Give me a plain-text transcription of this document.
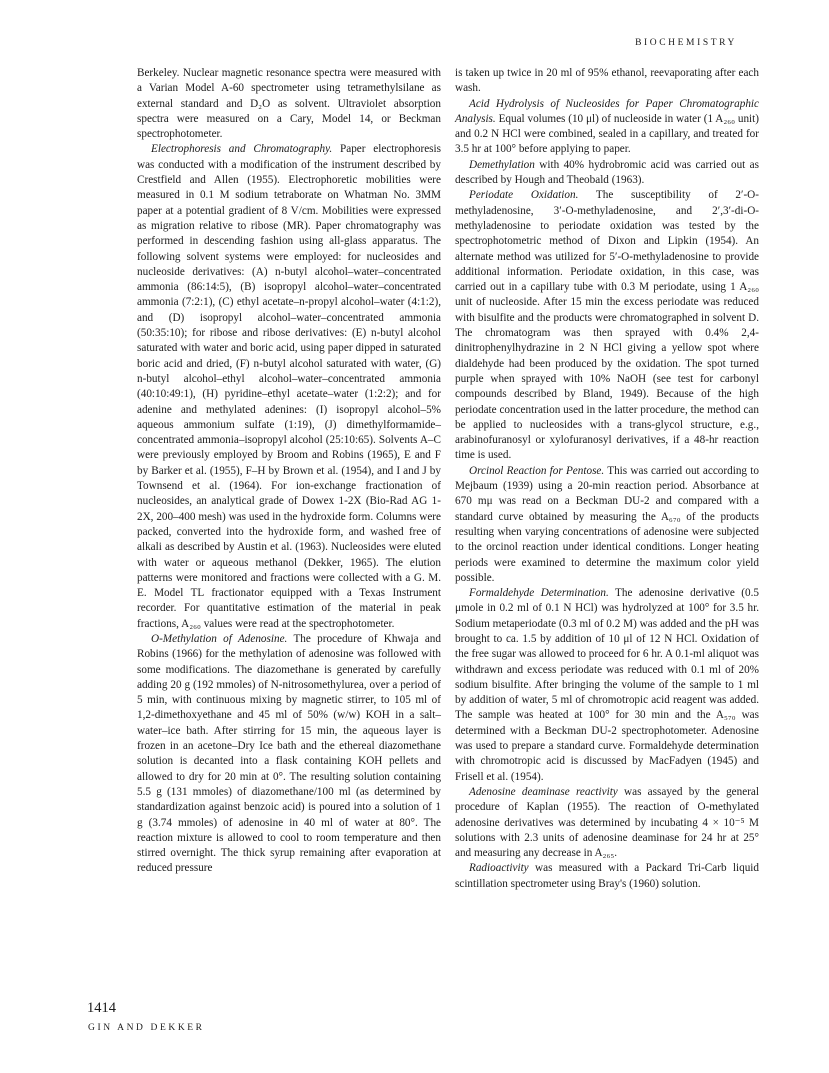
BIOCHEMISTRY

Berkeley. Nuclear magnetic resonance spectra were measured with a Varian Model A-60 spectrometer using tetramethylsilane as external standard and D₂O as solvent. Ultraviolet absorption spectra were measured on a Cary, Model 14, or Beckman spectrophotometer.

Electrophoresis and Chromatography. Paper electrophoresis was conducted with a modification of the instrument described by Crestfield and Allen (1955). Electrophoretic mobilities were measured in 0.1 M sodium tetraborate on Whatman No. 3MM paper at a potential gradient of 8 V/cm. Mobilities were expressed as migration relative to ribose (MR). Paper chromatography was performed in descending fashion using all-glass apparatus. The following solvent systems were employed: for nucleosides and nucleoside derivatives: (A) n-butyl alcohol–water–concentrated ammonia (86:14:5), (B) isopropyl alcohol–water–concentrated ammonia (7:2:1), (C) ethyl acetate–n-propyl alcohol–water (4:1:2), and (D) isopropyl alcohol–water–concentrated ammonia (50:35:10); for ribose and ribose derivatives: (E) n-butyl alcohol saturated with water and boric acid, using paper dipped in saturated boric acid and dried, (F) n-butyl alcohol saturated with water, (G) n-butyl alcohol–ethyl alcohol–water–concentrated ammonia (40:10:49:1), (H) pyridine–ethyl acetate–water (1:2:2); and for adenine and methylated adenines: (I) isopropyl alcohol–5% aqueous ammonium sulfate (1:19), (J) dimethylformamide–concentrated ammonia–isopropyl alcohol (25:10:65). Solvents A–C were previously employed by Broom and Robins (1965), E and F by Barker et al. (1955), F–H by Brown et al. (1954), and I and J by Townsend et al. (1964). For ion-exchange fractionation of nucleosides, an analytical grade of Dowex 1-2X (Bio-Rad AG 1-2X, 200–400 mesh) was used in the hydroxide form. Columns were packed, converted into the hydroxide form, and washed free of alkali as described by Austin et al. (1963). Nucleosides were eluted with water or aqueous methanol (Dekker, 1965). The elution patterns were monitored and fractions were collected with a G. M. E. Model TL fractionator equipped with a Texas Instrument recorder. For quantitative estimation of the material in peak fractions, A₂₆₀ values were read at the spectrophotometer.

O-Methylation of Adenosine. The procedure of Khwaja and Robins (1966) for the methylation of adenosine was followed with some modifications. The diazomethane is generated by carefully adding 20 g (192 mmoles) of N-nitrosomethylurea, over a period of 5 min, with continuous mixing by magnetic stirrer, to 105 ml of 1,2-dimethoxyethane and 45 ml of 50% (w/w) KOH in a salt–water–ice bath. After stirring for 15 min, the aqueous layer is frozen in an acetone–Dry Ice bath and the ethereal diazomethane solution is decanted into a flask containing KOH pellets and allowed to dry for 20 min at 0°. The resulting solution containing 5.5 g (131 mmoles) of diazomethane/100 ml (as determined by standardization against benzoic acid) is poured into a solution of 1 g (3.74 mmoles) of adenosine in 40 ml of water at 80°. The reaction mixture is allowed to cool to room temperature and then stirred overnight. The thick syrup remaining after evaporation at reduced pressure

is taken up twice in 20 ml of 95% ethanol, reevaporating after each wash.

Acid Hydrolysis of Nucleosides for Paper Chromatographic Analysis. Equal volumes (10 μl) of nucleoside in water (1 A₂₆₀ unit) and 0.2 N HCl were combined, sealed in a capillary, and treated for 3.5 hr at 100° before applying to paper.

Demethylation with 40% hydrobromic acid was carried out as described by Hough and Theobald (1963).

Periodate Oxidation. The susceptibility of 2′-O-methyladenosine, 3′-O-methyladenosine, and 2′,3′-di-O-methyladenosine to periodate oxidation was tested by the spectrophotometric method of Dixon and Lipkin (1954). An alternate method was utilized for 5′-O-methyladenosine to provide additional information. Periodate oxidation, in this case, was carried out in a capillary tube with 0.3 M periodate, using 1 A₂₆₀ unit of nucleoside. After 15 min the excess periodate was reduced with bisulfite and the products were chromatographed in solvent D. The chromatogram was then sprayed with 0.4% 2,4-dinitrophenylhydrazine in 2 N HCl giving a yellow spot where dialdehyde had been produced by the oxidation. The spot turned purple when sprayed with 10% NaOH (see test for carbonyl compounds described by Bland, 1949). Because of the high periodate concentration used in the latter procedure, the method can be applied to nucleosides with a trans-glycol structure, e.g., arabinofuranosyl or xylofuranosyl derivatives, if a 48-hr reaction time is used.

Orcinol Reaction for Pentose. This was carried out according to Mejbaum (1939) using a 20-min reaction period. Absorbance at 670 mμ was read on a Beckman DU-2 and compared with a standard curve obtained by measuring the A₆₇₀ of the products resulting when varying concentrations of adenosine were subjected to the orcinol reaction under identical conditions. Longer heating periods were examined to determine the maximum color yield possible.

Formaldehyde Determination. The adenosine derivative (0.5 μmole in 0.2 ml of 0.1 N HCl) was hydrolyzed at 100° for 3.5 hr. Sodium metaperiodate (0.3 ml of 0.2 M) was added and the pH was brought to ca. 1.5 by addition of 10 μl of 12 N HCl. Oxidation of the free sugar was allowed to proceed for 6 hr. A 0.1-ml aliquot was withdrawn and excess periodate was reduced with 0.1 ml of 20% sodium bisulfite. After bringing the volume of the sample to 1 ml by addition of water, 5 ml of chromotropic acid reagent was added. The sample was heated at 100° for 30 min and the A₅₇₀ was determined with a Beckman DU-2 spectrophotometer. Adenosine was used to prepare a standard curve. Formaldehyde determination with chromotropic acid is discussed by MacFadyen (1945) and Frisell et al. (1954).

Adenosine deaminase reactivity was assayed by the general procedure of Kaplan (1955). The reaction of O-methylated adenosine derivatives was determined by incubating 4 × 10⁻⁵ M solutions with 2.3 units of adenosine deaminase for 24 hr at 25° and measuring any decrease in A₂₆₅.

Radioactivity was measured with a Packard Tri-Carb liquid scintillation spectrometer using Bray's (1960) solution.

1414
GIN AND DEKKER
